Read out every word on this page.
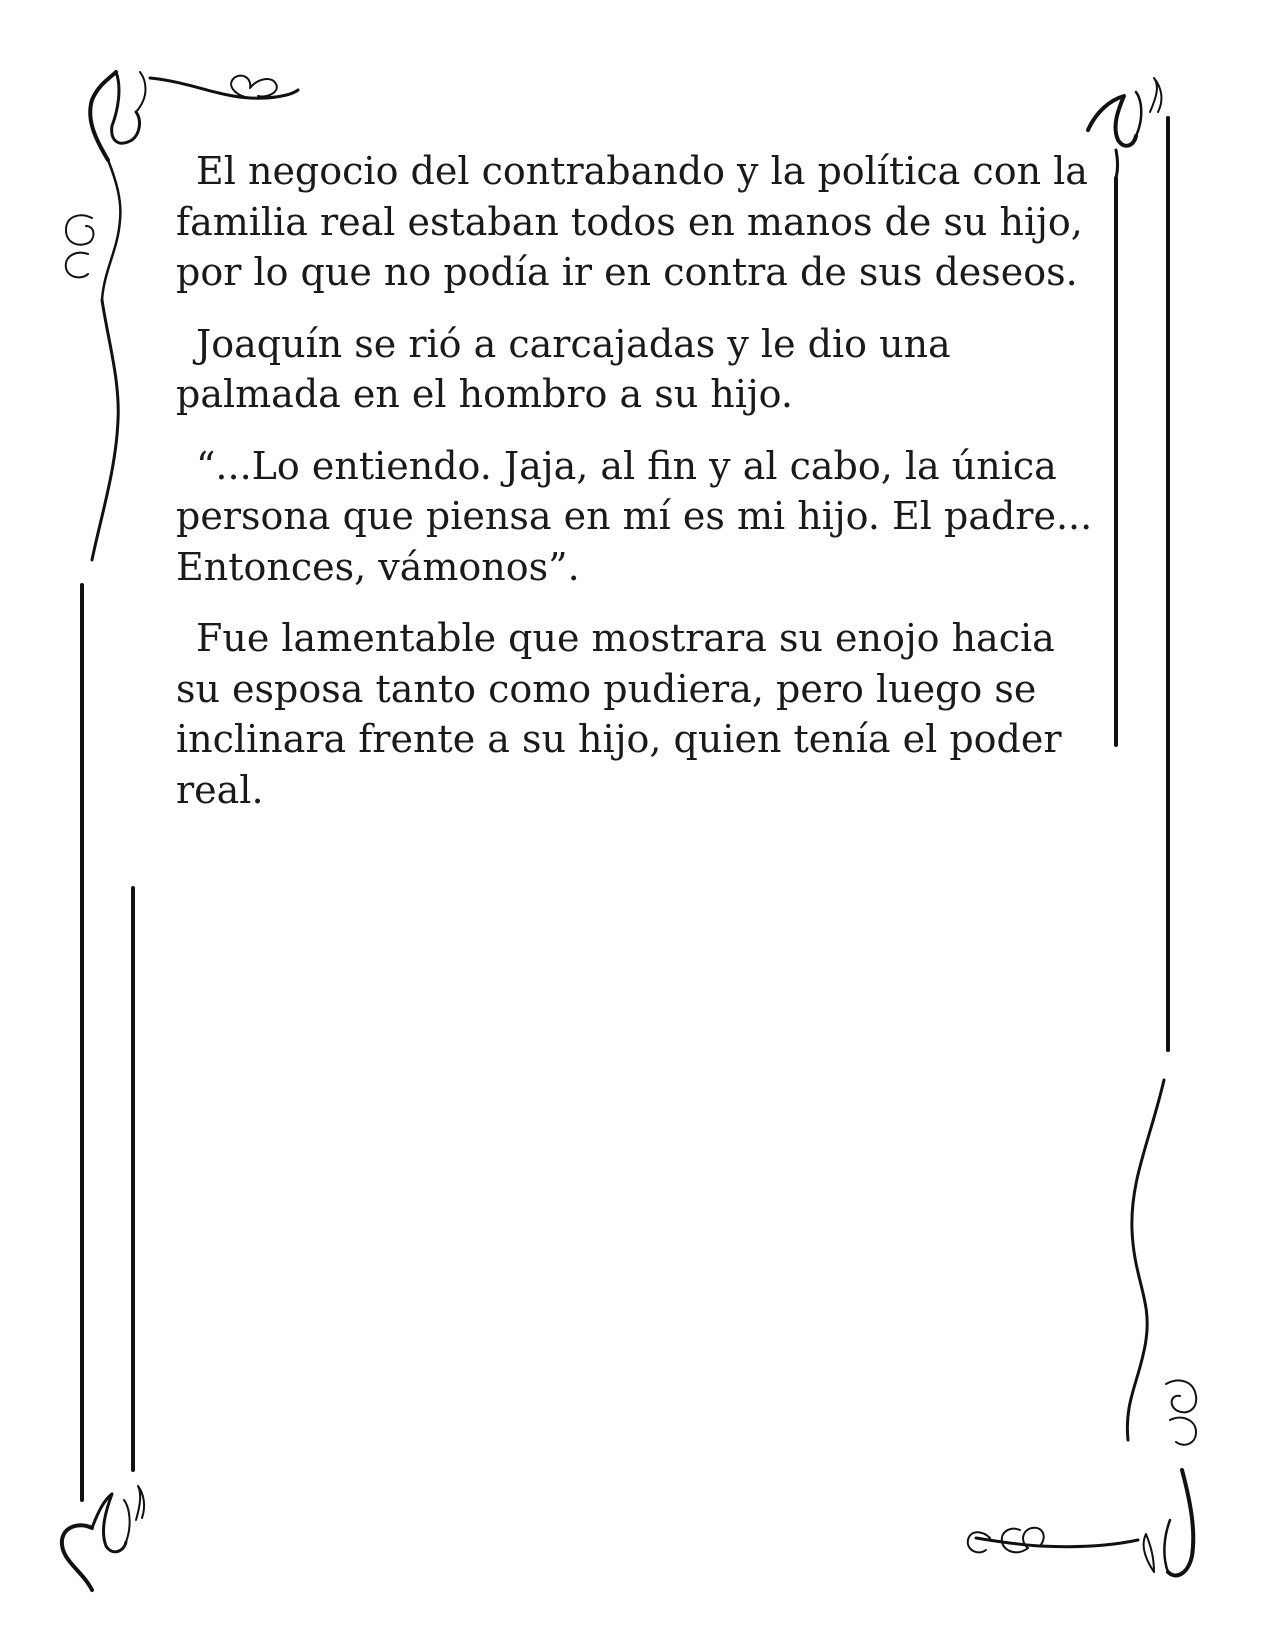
El negocio del contrabando y la política con la familia real estaban todos en manos de su hijo, por lo que no podía ir en contra de sus deseos.

Joaquín se rió a carcajadas y le dio una palmada en el hombro a su hijo.

“...Lo entiendo. Jaja, al fin y al cabo, la única persona que piensa en mí es mi hijo. El padre... Entonces, vámonos”.

Fue lamentable que mostrara su enojo hacia su esposa tanto como pudiera, pero luego se inclinara frente a su hijo, quien tenía el poder real.
